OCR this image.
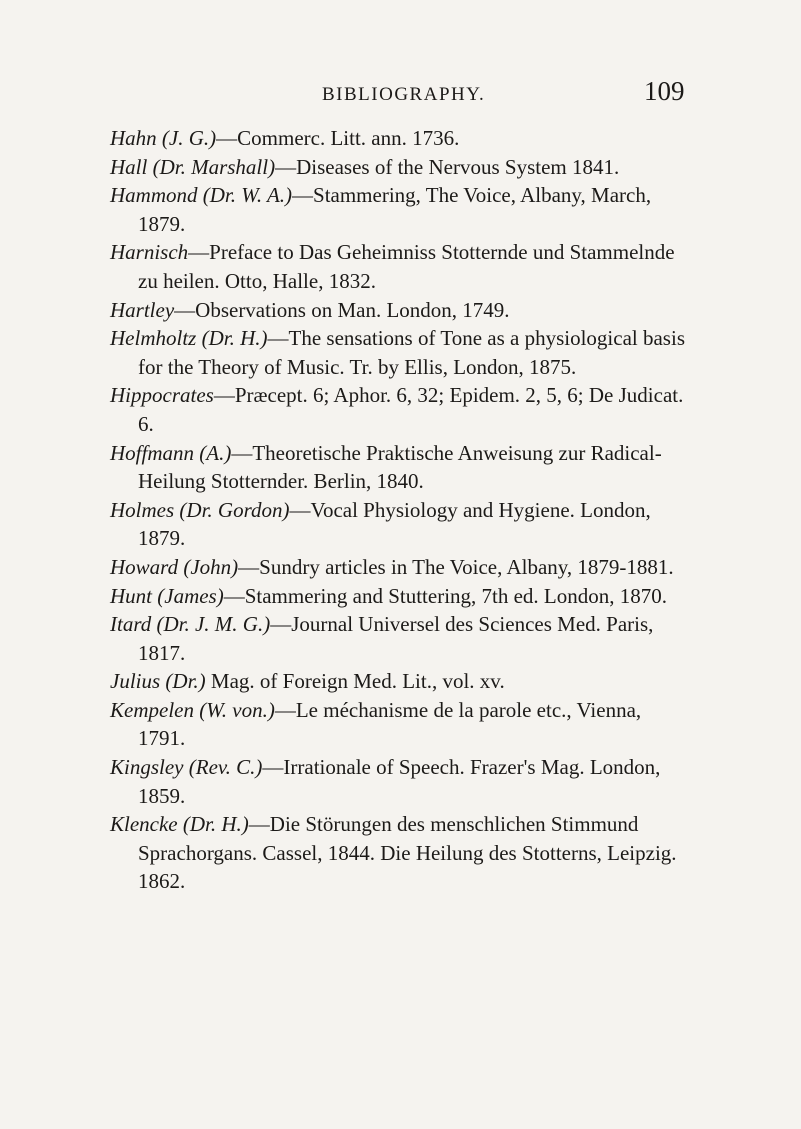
BIBLIOGRAPHY.	109

Hahn (J. G.)—Commerc. Litt. ann. 1736.

Hall (Dr. Marshall)—Diseases of the Nervous System 1841.

Hammond (Dr. W. A.)—Stammering, The Voice, Albany, March, 1879.

Harnisch—Preface to Das Geheimniss Stotternde und Stammelnde zu heilen. Otto, Halle, 1832.

Hartley—Observations on Man. London, 1749.

Helmholtz (Dr. H.)—The sensations of Tone as a physiological basis for the Theory of Music. Tr. by Ellis, London, 1875.

Hippocrates—Præcept. 6; Aphor. 6, 32; Epidem. 2, 5, 6; De Judicat. 6.

Hoffmann (A.)—Theoretische Praktische Anweisung zur Radical-Heilung Stotternder. Berlin, 1840.

Holmes (Dr. Gordon)—Vocal Physiology and Hygiene. London, 1879.

Howard (John)—Sundry articles in The Voice, Albany, 1879-1881.

Hunt (James)—Stammering and Stuttering, 7th ed. London, 1870.

Itard (Dr. J. M. G.)—Journal Universel des Sciences Med. Paris, 1817.

Julius (Dr.) Mag. of Foreign Med. Lit., vol. xv.

Kempelen (W. von.)—Le méchanisme de la parole etc., Vienna, 1791.

Kingsley (Rev. C.)—Irrationale of Speech. Frazer's Mag. London, 1859.

Klencke (Dr. H.)—Die Störungen des menschlichen Stimmund Sprachorgans. Cassel, 1844. Die Heilung des Stotterns, Leipzig. 1862.
